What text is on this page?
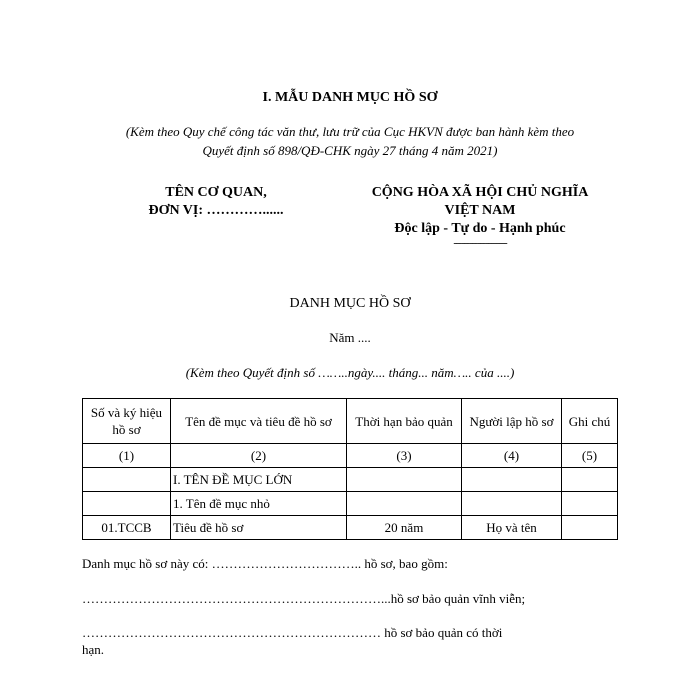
I. MẪU DANH MỤC HỒ SƠ
(Kèm theo Quy chế công tác văn thư, lưu trữ của Cục HKVN được ban hành kèm theo
Quyết định số 898/QĐ-CHK ngày 27 tháng 4 năm 2021)
TÊN CƠ QUAN,
ĐƠN VỊ: …………......
CỘNG HÒA XÃ HỘI CHỦ NGHĨA
VIỆT NAM
Độc lập - Tự do - Hạnh phúc
--------------------
DANH MỤC HỒ SƠ
Năm ....
(Kèm theo Quyết định số ……..ngày.... tháng... năm….. của ....)
Số và ký hiệu hồ sơ	Tên đề mục và tiêu đề hồ sơ	Thời hạn bảo quản	Người lập hồ sơ	Ghi chú
(1)	(2)	(3)	(4)	(5)
	I. TÊN ĐỀ MỤC LỚN			
	1. Tên đề mục nhỏ			
01.TCCB	Tiêu đề hồ sơ	20 năm	Họ và tên	
Danh mục hồ sơ này có: …………………………….. hồ sơ, bao gồm:
……………………………………………………………...hồ sơ bảo quản vĩnh viễn;
…………………………………………………………… hồ sơ bảo quản có thời
hạn.
